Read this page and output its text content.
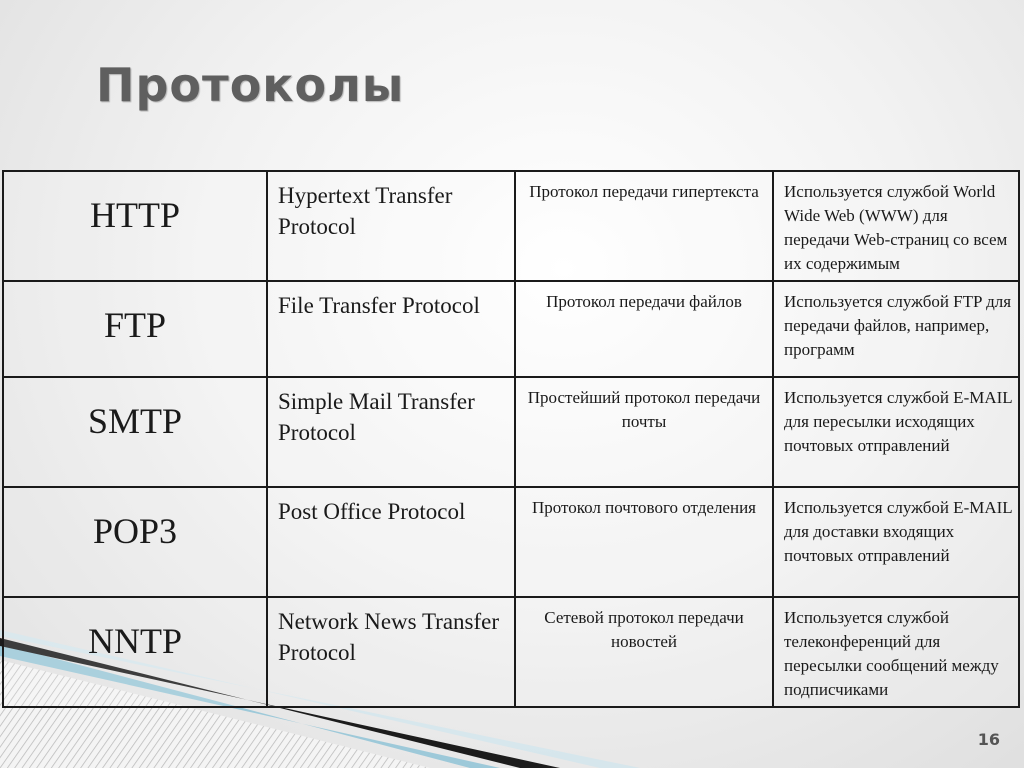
Протоколы
HTTP	Hypertext Transfer Protocol	Протокол передачи гипертекста	Используется службой World Wide Web (WWW) для передачи Web-страниц со всем их содержимым

FTP	File Transfer Protocol	Протокол передачи файлов	Используется службой FTP для передачи файлов, например, программ

SMTP	Simple Mail Transfer Protocol	Простейший протокол передачи почты	Используется службой E-MAIL для пересылки исходящих почтовых отправлений

POP3	Post Office Protocol	Протокол почтового отделения	Используется службой E-MAIL для доставки входящих почтовых отправлений

NNTP	Network News Transfer Protocol	Сетевой протокол передачи новостей	Используется службой телеконференций для пересылки сообщений между подписчиками
16
